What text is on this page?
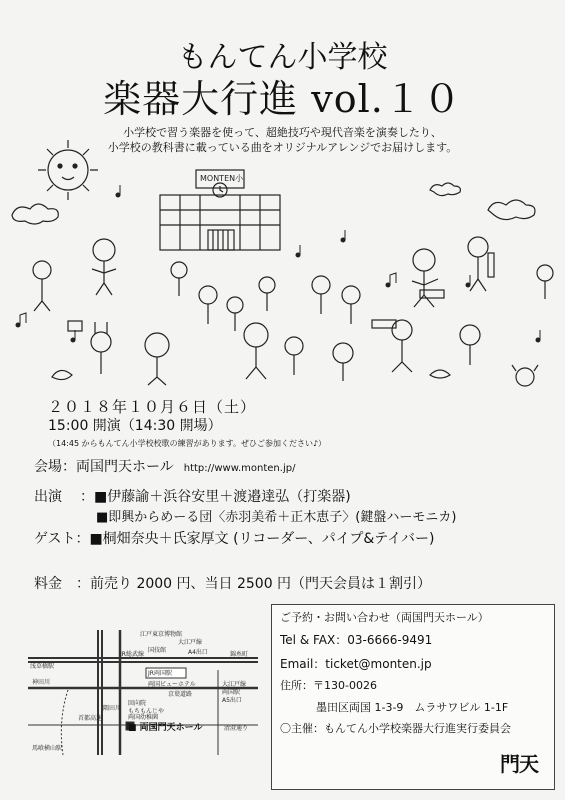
もんてん小学校
楽器大行進 vol.１０
小学校で習う楽器を使って、超絶技巧や現代音楽を演奏したり、
小学校の教科書に載っている曲をオリジナルアレンジでお届けします。
MONTEN小
２０１８年１０月６日（土）
15:00 開演（14:30 開場）
（14:45 からもんてん小学校校歌の練習があります。ぜひご参加ください♪）
会場：両国門天ホール http://www.monten.jp/
出演 ：■伊藤諭＋浜谷安里＋渡邉達弘（打楽器)
■即興からめーる団〈赤羽美希＋正木恵子〉(鍵盤ハーモニカ)
ゲスト：■桐畑奈央＋氏家厚文 (リコーダー、パイプ&テイバー)
料金　：前売り 2000 円、当日 2500 円（門天会員は１割引）
江戸東京博物館
大江戸線
国技館	A4出口
JR総武線
JR両国駅
錦糸町
浅草橋駅
両国ビューホテル
京葉道路
大江戸線
両国駅
A5出口
神田川
隅田川
回向院
もちもんじや
両国幼稚園
馬喰横山駅
■ 両国門天ホール	清澄通り
首都高速
ご予約・お問い合わせ（両国門天ホール）
Tel & FAX：03-6666-9491
Email：ticket@monten.jp
住所：〒130-0026
墨田区両国 1-3-9　ムラサワビル 1-1F
〇主催：もんてん小学校楽器大行進実行委員会
門天
